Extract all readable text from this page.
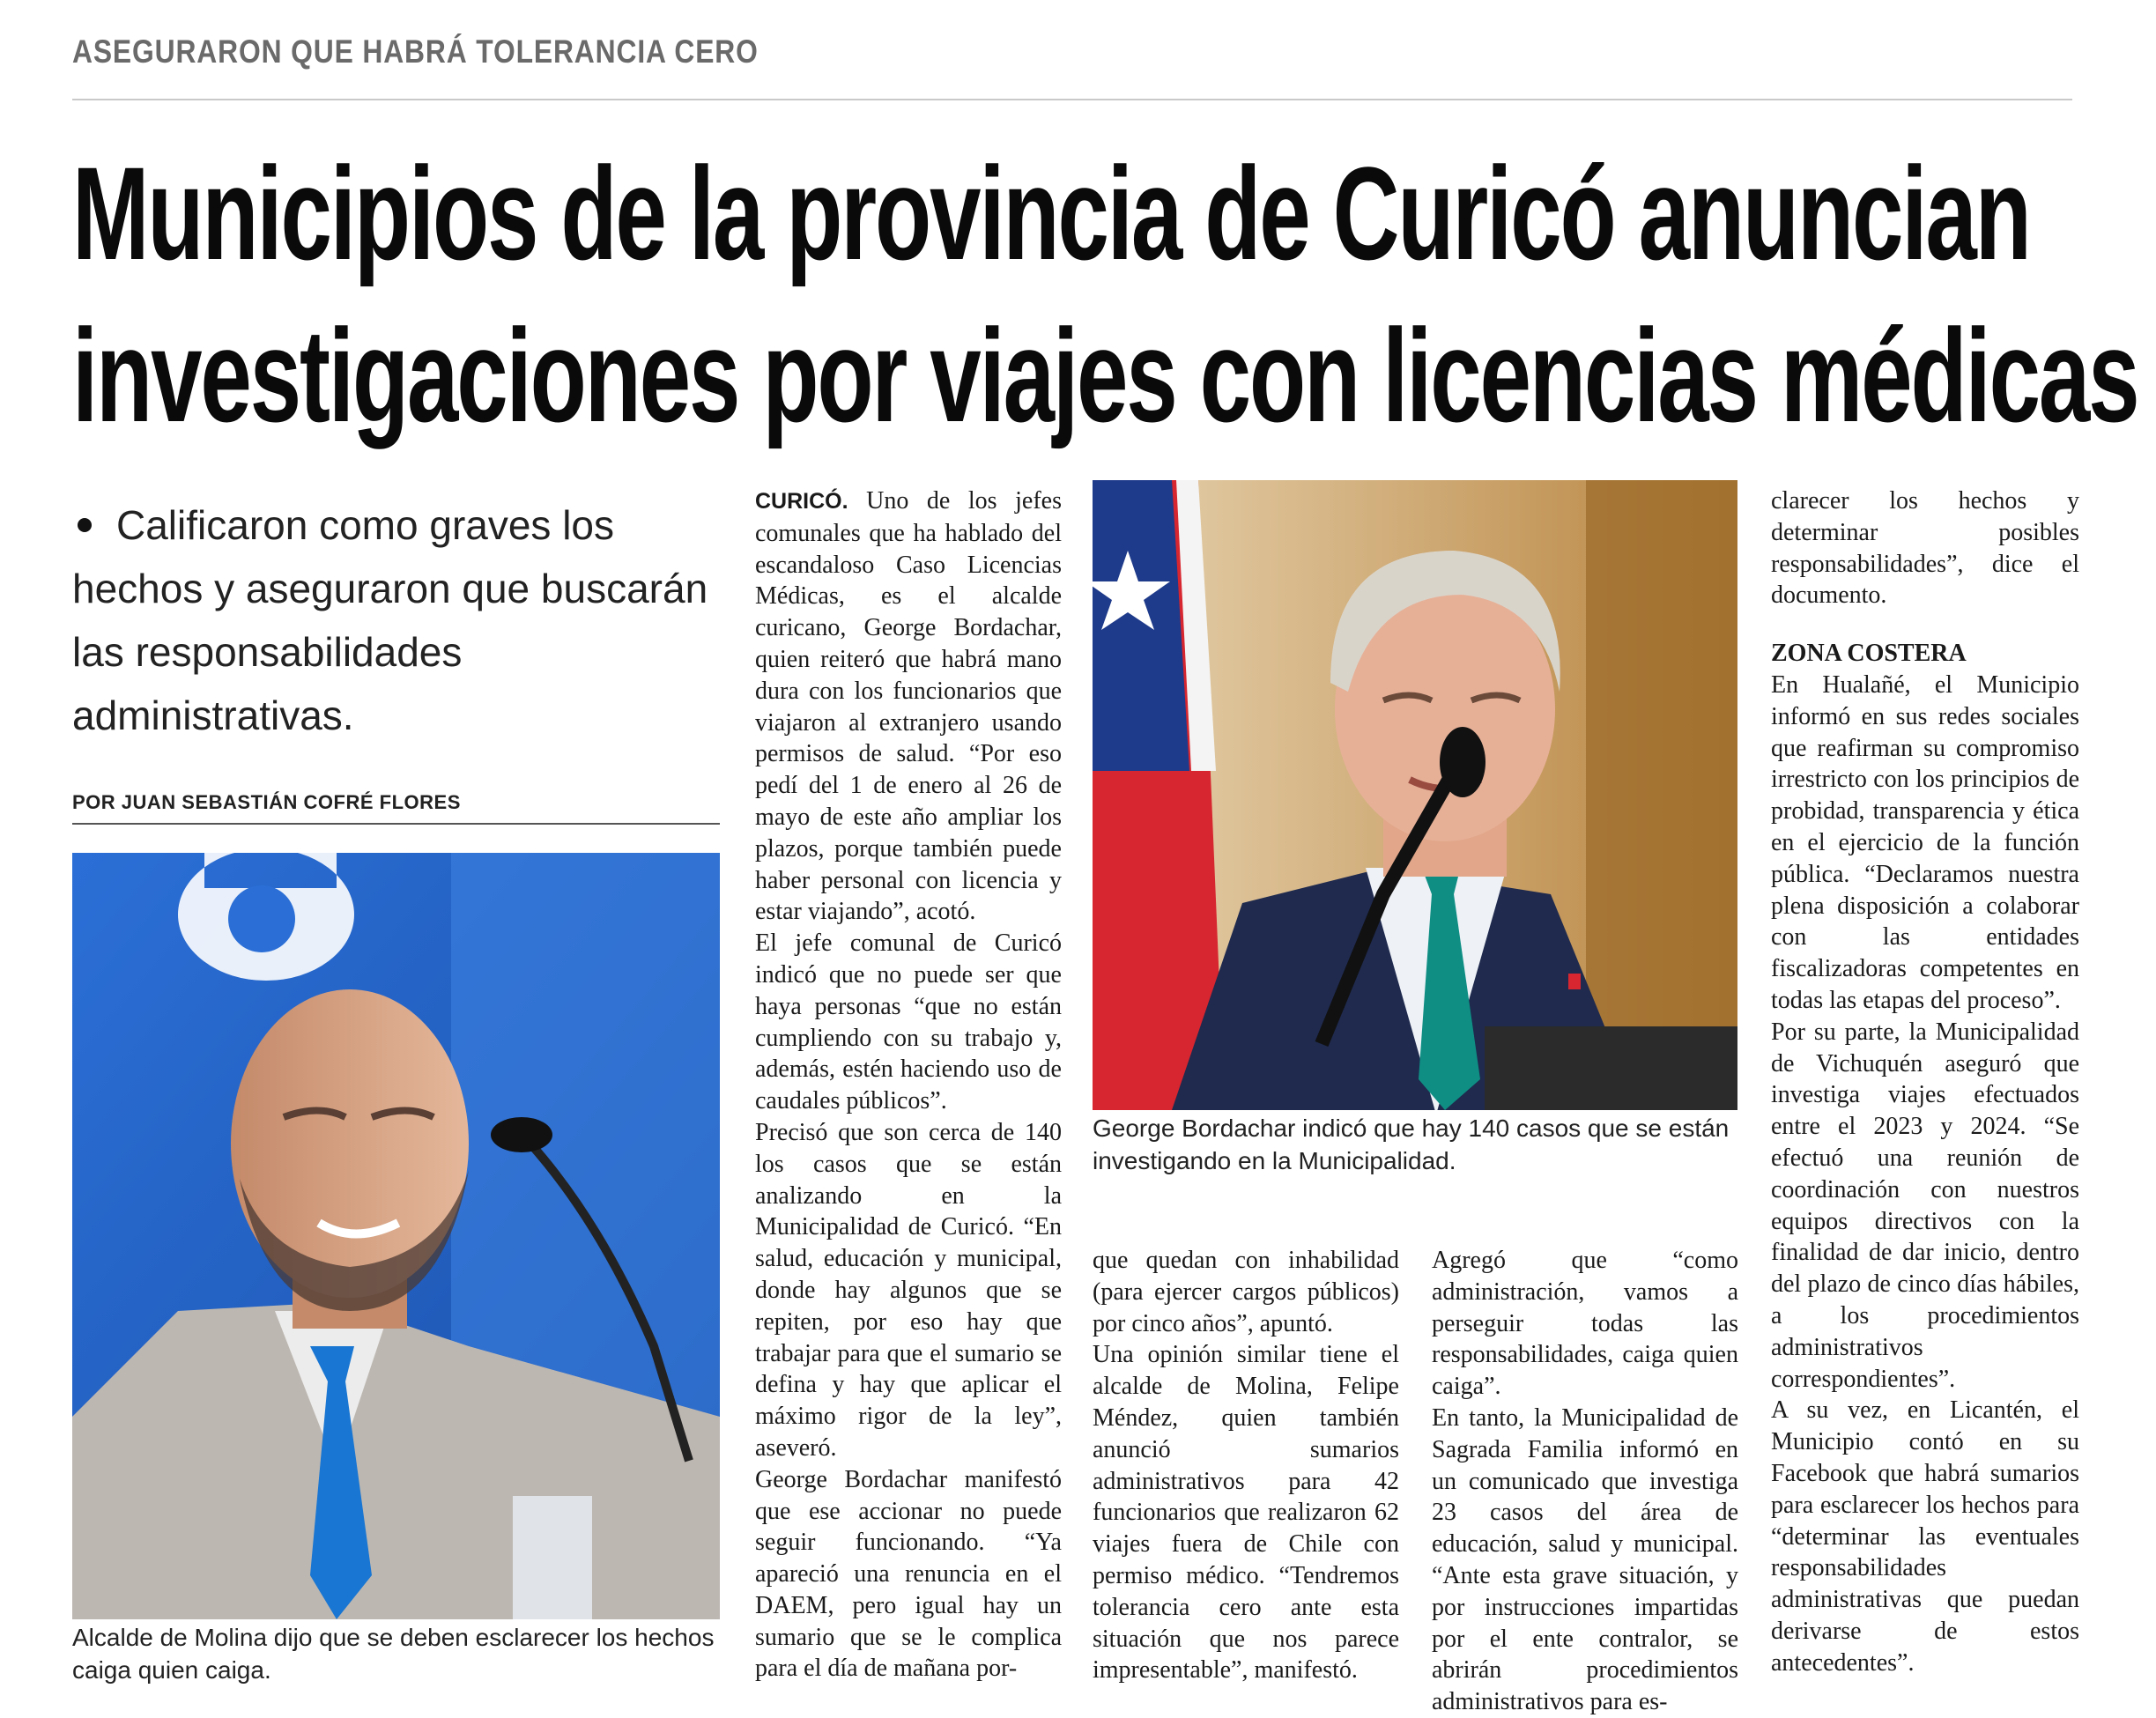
ASEGURARON QUE HABRÁ TOLERANCIA CERO
Municipios de la provincia de Curicó anuncian
investigaciones por viajes con licencias médicas
Calificaron como graves los hechos y aseguraron que buscarán las responsabilidades administrativas.
POR JUAN SEBASTIÁN COFRÉ FLORES
Alcalde de Molina dijo que se deben esclarecer los hechos caiga quien caiga.
George Bordachar indicó que hay 140 casos que se están investigando en la Municipalidad.

CURICÓ. Uno de los jefes comunales que ha hablado del escandaloso Caso Licencias Médicas, es el alcalde curicano, George Bordachar, quien reiteró que habrá mano dura con los funcionarios que viajaron al extranjero usando permisos de salud. “Por eso pedí del 1 de enero al 26 de mayo de este año ampliar los plazos, porque también puede haber personal con licencia y estar viajando”, acotó.

El jefe comunal de Curicó indicó que no puede ser que haya personas “que no están cumpliendo con su trabajo y, además, estén haciendo uso de caudales públicos”.

Precisó que son cerca de 140 los casos que se están analizando en la Municipalidad de Curicó. “En salud, educación y municipal, donde hay algunos que se repiten, por eso hay que trabajar para que el sumario se defina y hay que aplicar el máximo rigor de la ley”, aseveró.

George Bordachar manifestó que ese accionar no puede seguir funcionando. “Ya apareció una renuncia en el DAEM, pero igual hay un sumario que se le complica para el día de mañana por-

que quedan con inhabilidad (para ejercer cargos públicos) por cinco años”, apuntó.

Una opinión similar tiene el alcalde de Molina, Felipe Méndez, quien también anunció sumarios administrativos para 42 funcionarios que realizaron 62 viajes fuera de Chile con permiso médico. “Tendremos tolerancia cero ante esta situación que nos parece impresentable”, manifestó.

Agregó que “como administración, vamos a perseguir todas las responsabilidades, caiga quien caiga”.

En tanto, la Municipalidad de Sagrada Familia informó en un comunicado que investiga 23 casos del área de educación, salud y municipal. “Ante esta grave situación, y por instrucciones impartidas por el ente contralor, se abrirán procedimientos administrativos para es-

clarecer los hechos y determinar posibles responsabilidades”, dice el documento.

ZONA COSTERA

En Hualañé, el Municipio informó en sus redes sociales que reafirman su compromiso irrestricto con los principios de probidad, transparencia y ética en el ejercicio de la función pública. “Declaramos nuestra plena disposición a colaborar con las entidades fiscalizadoras competentes en todas las etapas del proceso”.

Por su parte, la Municipalidad de Vichuquén aseguró que investiga viajes efectuados entre el 2023 y 2024. “Se efectuó una reunión de coordinación con nuestros equipos directivos con la finalidad de dar inicio, dentro del plazo de cinco días hábiles, a los procedimientos administrativos correspondientes”.

A su vez, en Licantén, el Municipio contó en su Facebook que habrá sumarios para esclarecer los hechos para “determinar las eventuales responsabilidades administrativas que puedan derivarse de estos antecedentes”.
